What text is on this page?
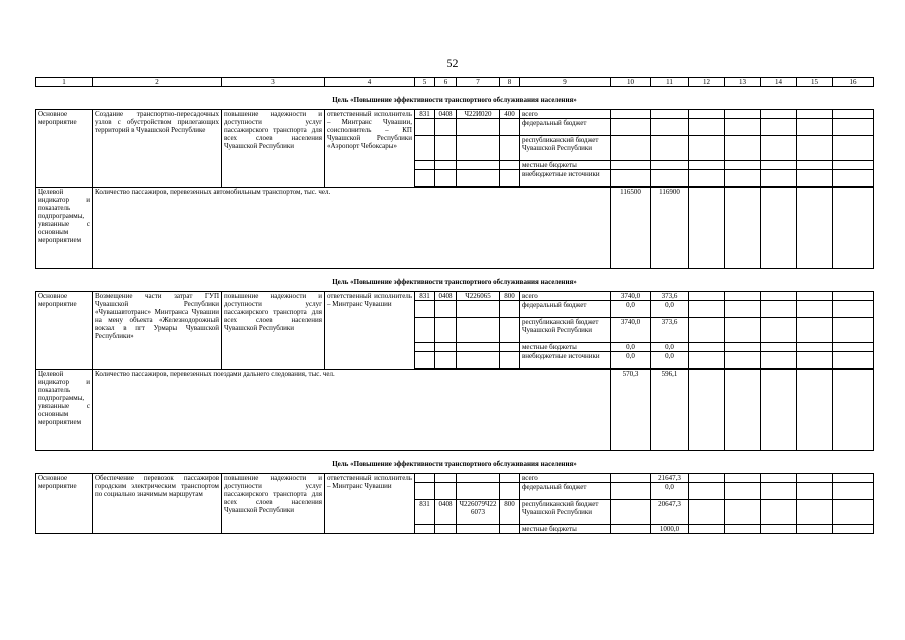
52
1	2	3	4	5	6	7	8	9	10	11	12	13	14	15	16
Цель «Повышение эффективности транспортного обслуживания населения»															
Основное мероприятие	Создание транспортно-пересадочных узлов с обустройством прилегающих территорий в Чувашской Республике	повышение надежности и доступности услуг пассажирского транспорта для всех слоев населения Чувашской Республики	ответственный исполнитель – Минтранс Чувашии, соисполнитель – КП Чувашской Республики «Аэропорт Чебоксары»	831	0408	Ч22И020	400	всего							
								федеральный бюджет							
								республиканский бюджет Чувашской Республики							
								местные бюджеты							
								внебюджетные источники							

Целевой индикатор и показатель подпрограммы, увязанные с основным мероприятием	Количество пассажиров, перевезенных автомобильным транспортом, тыс. чел.								116500	116900					
Цель «Повышение эффективности транспортного обслуживания населения»															
Основное мероприятие	Возмещение части затрат ГУП Чувашской Республики «Чувашавтотранс» Минтранса Чувашии на мену объекта «Железнодорожный вокзал в пгт Урмары Чувашской Республики»	повышение надежности и доступности услуг пассажирского транспорта для всех слоев населения Чувашской Республики	ответственный исполнитель – Минтранс Чувашии	831	0408	Ч226065	800	всего	3740,0	373,6					
								федеральный бюджет	0,0	0,0					
								республиканский бюджет Чувашской Республики	3740,0	373,6					
								местные бюджеты	0,0	0,0					
								внебюджетные источники	0,0	0,0					

Целевой индикатор и показатель подпрограммы, увязанные с основным мероприятием	Количество пассажиров, перевезенных поездами дальнего следования, тыс. чел.								570,3	596,1					
Цель «Повышение эффективности транспортного обслуживания населения»															
Основное мероприятие	Обеспечение перевозок пассажиров городским электрическим транспортом по социально значимым маршрутам	повышение надежности и доступности услуг пассажирского транспорта для всех слоев населения Чувашской Республики	ответственный исполнитель – Минтранс Чувашии					всего		21647,3					
								федеральный бюджет		0,0					
				831	0408	Ч226079Ч226073	800	республиканский бюджет Чувашской Республики		20647,3					
								местные бюджеты		1000,0					
